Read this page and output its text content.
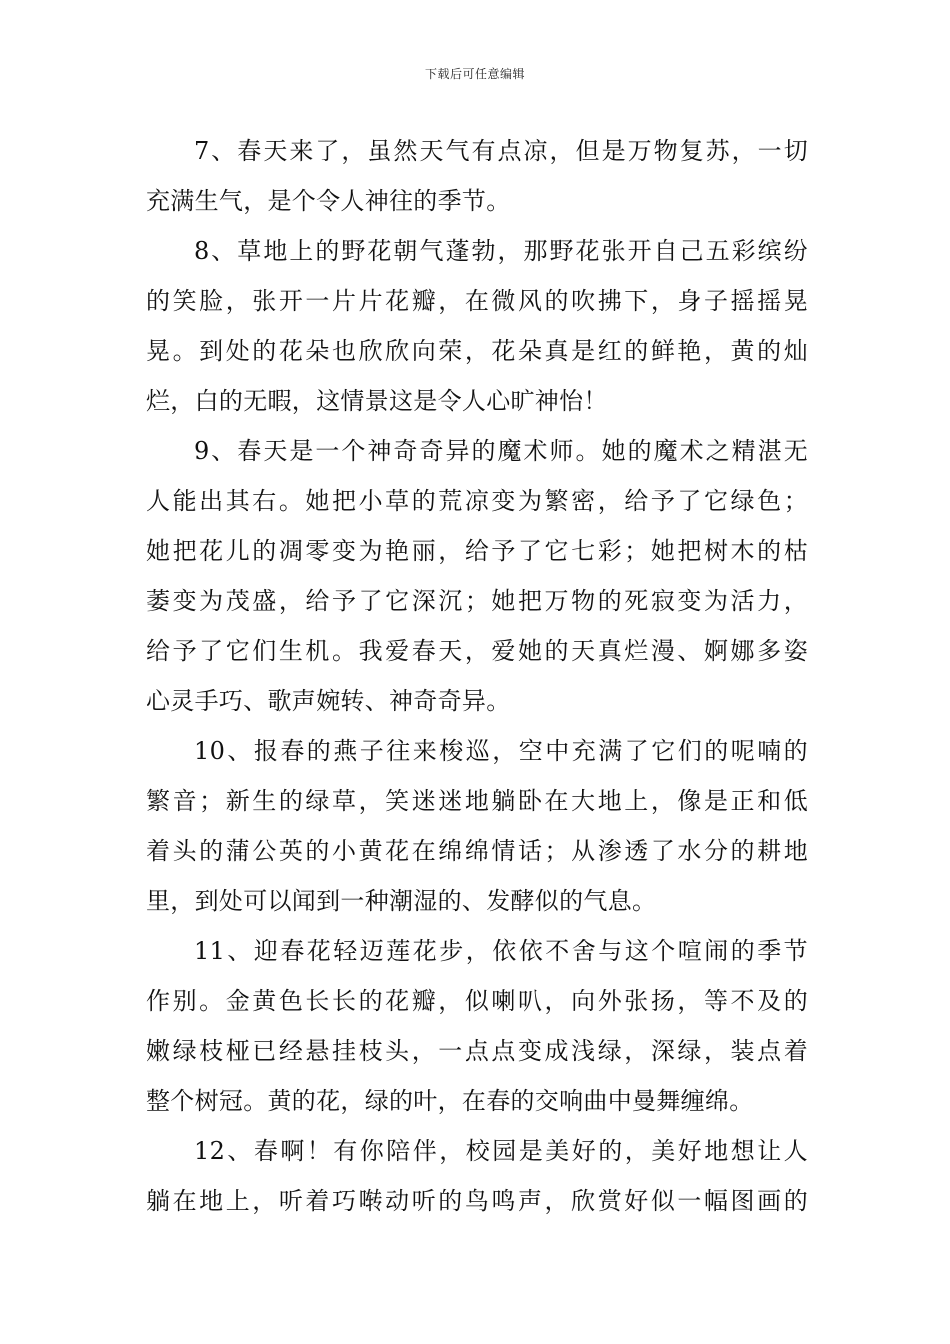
下载后可任意编辑

7、春天来了，虽然天气有点凉，但是万物复苏，一切
充满生气，是个令人神往的季节。

8、草地上的野花朝气蓬勃，那野花张开自己五彩缤纷
的笑脸，张开一片片花瓣，在微风的吹拂下，身子摇摇晃
晃。到处的花朵也欣欣向荣，花朵真是红的鲜艳，黄的灿
烂，白的无暇，这情景这是令人心旷神怡！

9、春天是一个神奇奇异的魔术师。她的魔术之精湛无
人能出其右。她把小草的荒凉变为繁密，给予了它绿色；
她把花儿的凋零变为艳丽，给予了它七彩；她把树木的枯
萎变为茂盛，给予了它深沉；她把万物的死寂变为活力，
给予了它们生机。我爱春天，爱她的天真烂漫、婀娜多姿
心灵手巧、歌声婉转、神奇奇异。

10、报春的燕子往来梭巡，空中充满了它们的呢喃的
繁音；新生的绿草，笑迷迷地躺卧在大地上，像是正和低
着头的蒲公英的小黄花在绵绵情话；从渗透了水分的耕地
里，到处可以闻到一种潮湿的、发酵似的气息。

11、迎春花轻迈莲花步，依依不舍与这个喧闹的季节
作别。金黄色长长的花瓣，似喇叭，向外张扬，等不及的
嫩绿枝桠已经悬挂枝头，一点点变成浅绿，深绿，装点着
整个树冠。黄的花，绿的叶，在春的交响曲中曼舞缠绵。

12、春啊！有你陪伴，校园是美好的，美好地想让人
躺在地上，听着巧啭动听的鸟鸣声，欣赏好似一幅图画的
